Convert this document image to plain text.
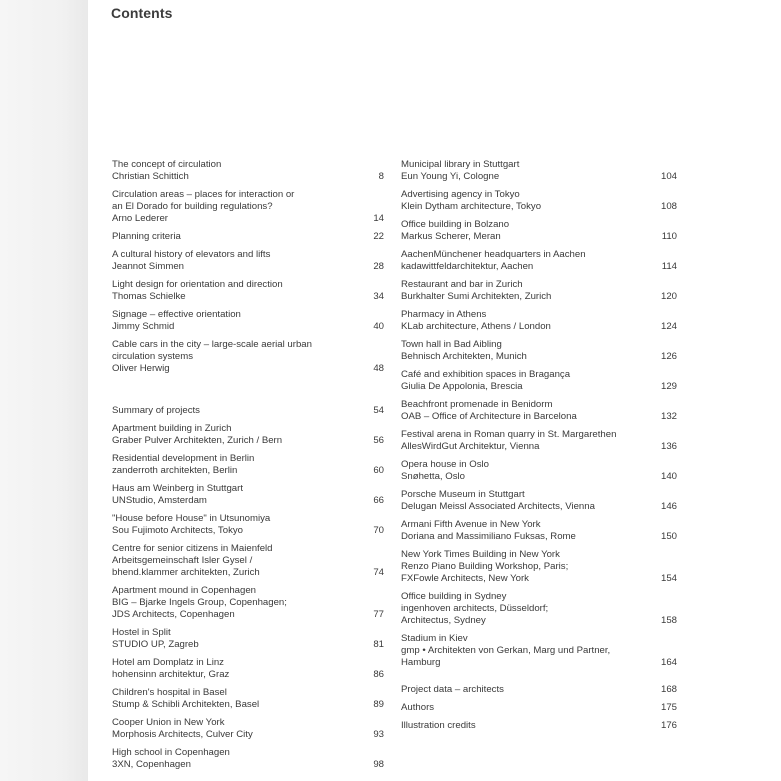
Contents
The concept of circulation
Christian Schittich	8
Circulation areas – places for interaction or
an El Dorado for building regulations?
Arno Lederer	14
Planning criteria	22
A cultural history of elevators and lifts
Jeannot Simmen	28
Light design for orientation and direction
Thomas Schielke	34
Signage – effective orientation
Jimmy Schmid	40
Cable cars in the city – large-scale aerial urban
circulation systems
Oliver Herwig	48
Summary of projects	54
Apartment building in Zurich
Graber Pulver Architekten, Zurich / Bern	56
Residential development in Berlin
zanderroth architekten, Berlin	60
Haus am Weinberg in Stuttgart
UNStudio, Amsterdam	66
"House before House" in Utsunomiya
Sou Fujimoto Architects, Tokyo	70
Centre for senior citizens in Maienfeld
Arbeitsgemeinschaft Isler Gysel /
bhend.klammer architekten, Zurich	74
Apartment mound in Copenhagen
BIG – Bjarke Ingels Group, Copenhagen;
JDS Architects, Copenhagen	77
Hostel in Split
STUDIO UP, Zagreb	81
Hotel am Domplatz in Linz
hohensinn architektur, Graz	86
Children's hospital in Basel
Stump & Schibli Architekten, Basel	89
Cooper Union in New York
Morphosis Architects, Culver City	93
High school in Copenhagen
3XN, Copenhagen	98
Municipal library in Stuttgart
Eun Young Yi, Cologne	104
Advertising agency in Tokyo
Klein Dytham architecture, Tokyo	108
Office building in Bolzano
Markus Scherer, Meran	110
AachenMünchener headquarters in Aachen
kadawittfeldarchitektur, Aachen	114
Restaurant and bar in Zurich
Burkhalter Sumi Architekten, Zurich	120
Pharmacy in Athens
KLab architecture, Athens / London	124
Town hall in Bad Aibling
Behnisch Architekten, Munich	126
Café and exhibition spaces in Bragança
Giulia De Appolonia, Brescia	129
Beachfront promenade in Benidorm
OAB – Office of Architecture in Barcelona	132
Festival arena in Roman quarry in St. Margarethen
AllesWirdGut Architektur, Vienna	136
Opera house in Oslo
Snøhetta, Oslo	140
Porsche Museum in Stuttgart
Delugan Meissl Associated Architects, Vienna	146
Armani Fifth Avenue in New York
Doriana and Massimiliano Fuksas, Rome	150
New York Times Building in New York
Renzo Piano Building Workshop, Paris;
FXFowle Architects, New York	154
Office building in Sydney
ingenhoven architects, Düsseldorf;
Architectus, Sydney	158
Stadium in Kiev
gmp • Architekten von Gerkan, Marg und Partner,
Hamburg	164
Project data – architects	168
Authors	175
Illustration credits	176
